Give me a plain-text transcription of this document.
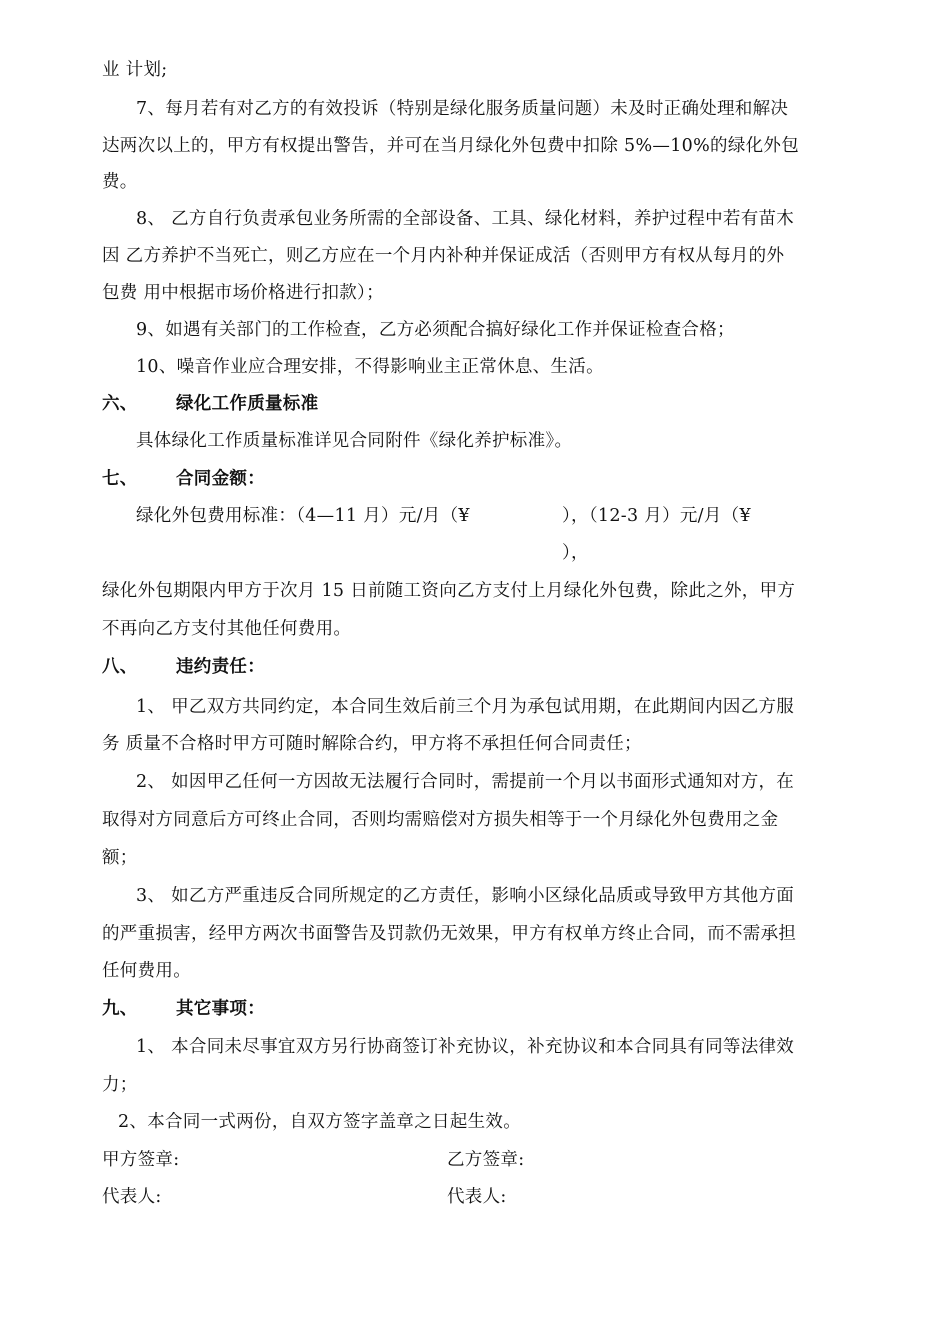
业 计划;
7、每月若有对乙方的有效投诉（特别是绿化服务质量问题）未及时正确处理和解决
达两次以上的，甲方有权提出警告，并可在当月绿化外包费中扣除 5%—10%的绿化外包
费。
8、 乙方自行负责承包业务所需的全部设备、工具、绿化材料，养护过程中若有苗木
因 乙方养护不当死亡，则乙方应在一个月内补种并保证成活（否则甲方有权从每月的外
包费 用中根据市场价格进行扣款）；
9、如遇有关部门的工作检查，乙方必须配合搞好绿化工作并保证检查合格；
10、噪音作业应合理安排，不得影响业主正常休息、生活。
六、 绿化工作质量标准
具体绿化工作质量标准详见合同附件《绿化养护标准》。
七、 合同金额：
绿化外包费用标准：（4—11 月）元/月（¥	），（12-3 月）元/月（¥
），
绿化外包期限内甲方于次月 15 日前随工资向乙方支付上月绿化外包费，除此之外，甲方
不再向乙方支付其他任何费用。
八、 违约责任：
1、 甲乙双方共同约定，本合同生效后前三个月为承包试用期，在此期间内因乙方服
务 质量不合格时甲方可随时解除合约，甲方将不承担任何合同责任；
2、 如因甲乙任何一方因故无法履行合同时，需提前一个月以书面形式通知对方，在
取得对方同意后方可终止合同，否则均需赔偿对方损失相等于一个月绿化外包费用之金
额；
3、 如乙方严重违反合同所规定的乙方责任，影响小区绿化品质或导致甲方其他方面
的严重损害，经甲方两次书面警告及罚款仍无效果，甲方有权单方终止合同，而不需承担
任何费用。
九、 其它事项：
1、 本合同未尽事宜双方另行协商签订补充协议，补充协议和本合同具有同等法律效
力；
2、本合同一式两份，自双方签字盖章之日起生效。
甲方签章:	乙方签章:
代表人:	代表人:
